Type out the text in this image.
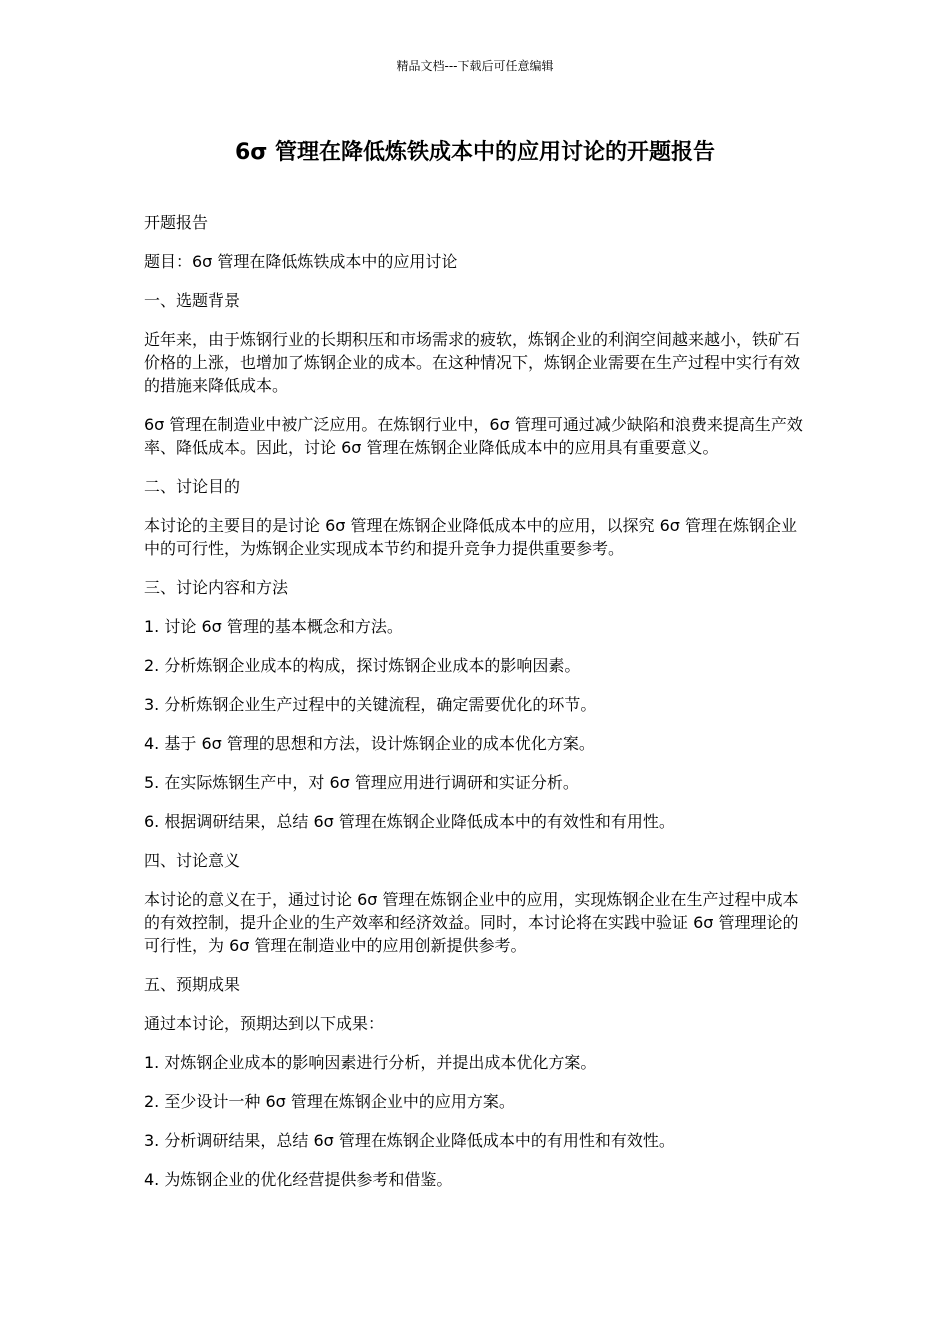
精品文档---下载后可任意编辑
6σ 管理在降低炼铁成本中的应用讨论的开题报告

开题报告

题目：6σ 管理在降低炼铁成本中的应用讨论

一、选题背景

近年来，由于炼钢行业的长期积压和市场需求的疲软，炼钢企业的利润空间越来越小，铁矿石价格的上涨，也增加了炼钢企业的成本。在这种情况下，炼钢企业需要在生产过程中实行有效的措施来降低成本。

6σ 管理在制造业中被广泛应用。在炼钢行业中，6σ 管理可通过减少缺陷和浪费来提高生产效率、降低成本。因此，讨论 6σ 管理在炼钢企业降低成本中的应用具有重要意义。

二、讨论目的

本讨论的主要目的是讨论 6σ 管理在炼钢企业降低成本中的应用，以探究 6σ 管理在炼钢企业中的可行性，为炼钢企业实现成本节约和提升竞争力提供重要参考。

三、讨论内容和方法

1. 讨论 6σ 管理的基本概念和方法。

2. 分析炼钢企业成本的构成，探讨炼钢企业成本的影响因素。

3. 分析炼钢企业生产过程中的关键流程，确定需要优化的环节。

4. 基于 6σ 管理的思想和方法，设计炼钢企业的成本优化方案。

5. 在实际炼钢生产中，对 6σ 管理应用进行调研和实证分析。

6. 根据调研结果，总结 6σ 管理在炼钢企业降低成本中的有效性和有用性。

四、讨论意义

本讨论的意义在于，通过讨论 6σ 管理在炼钢企业中的应用，实现炼钢企业在生产过程中成本的有效控制，提升企业的生产效率和经济效益。同时，本讨论将在实践中验证 6σ 管理理论的可行性，为 6σ 管理在制造业中的应用创新提供参考。

五、预期成果

通过本讨论，预期达到以下成果：

1. 对炼钢企业成本的影响因素进行分析，并提出成本优化方案。

2. 至少设计一种 6σ 管理在炼钢企业中的应用方案。

3. 分析调研结果，总结 6σ 管理在炼钢企业降低成本中的有用性和有效性。

4. 为炼钢企业的优化经营提供参考和借鉴。
